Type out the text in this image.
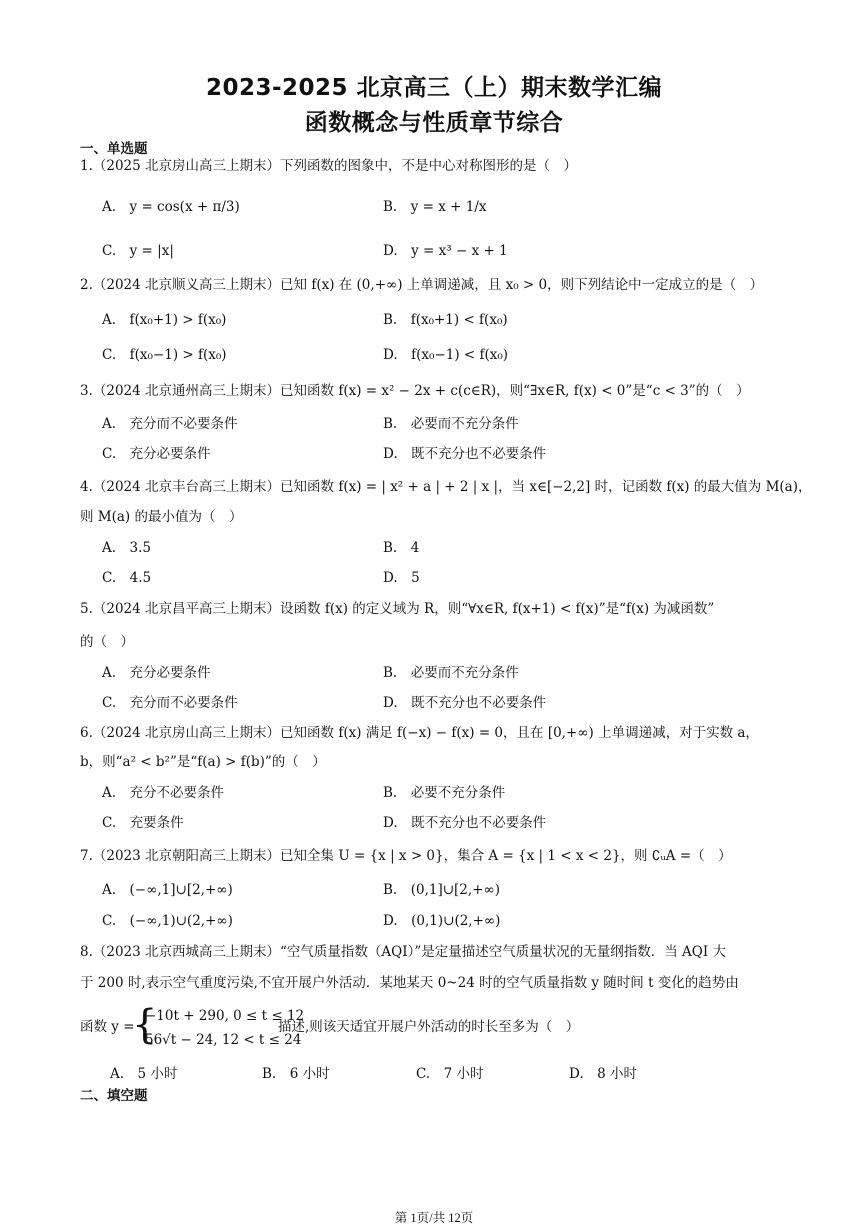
2023-2025 北京高三（上）期末数学汇编
函数概念与性质章节综合
一、单选题
1.（2025 北京房山高三上期末）下列函数的图象中，不是中心对称图形的是（　）
A.　y = cos(x + π/3)	B.　y = x + 1/x
C.　y = |x|	D.　y = x³ − x + 1
2.（2024 北京顺义高三上期末）已知 f(x) 在 (0,+∞) 上单调递减，且 x₀ > 0，则下列结论中一定成立的是（　）
A.　f(x₀+1) > f(x₀)	B.　f(x₀+1) < f(x₀)
C.　f(x₀−1) > f(x₀)	D.　f(x₀−1) < f(x₀)
3.（2024 北京通州高三上期末）已知函数 f(x) = x² − 2x + c(c∈R)，则“∃x∈R, f(x) < 0”是“c < 3”的（　）
A.　充分而不必要条件	B.　必要而不充分条件
C.　充分必要条件	D.　既不充分也不必要条件
4.（2024 北京丰台高三上期末）已知函数 f(x) = | x² + a | + 2 | x |，当 x∈[−2,2] 时，记函数 f(x) 的最大值为 M(a)，
则 M(a) 的最小值为（　）
A.　3.5	B.　4
C.　4.5	D.　5
5.（2024 北京昌平高三上期末）设函数 f(x) 的定义域为 R，则“∀x∈R, f(x+1) < f(x)”是“f(x) 为减函数”
的（　）
A.　充分必要条件	B.　必要而不充分条件
C.　充分而不必要条件	D.　既不充分也不必要条件
6.（2024 北京房山高三上期末）已知函数 f(x) 满足 f(−x) − f(x) = 0，且在 [0,+∞) 上单调递减，对于实数 a，
b，则“a² < b²”是“f(a) > f(b)”的（　）
A.　充分不必要条件	B.　必要不充分条件
C.　充要条件	D.　既不充分也不必要条件
7.（2023 北京朝阳高三上期末）已知全集 U = {x | x > 0}，集合 A = {x | 1 < x < 2}，则 ∁ᵤA =（　）
A.　(−∞,1]∪[2,+∞)	B.　(0,1]∪[2,+∞)
C.　(−∞,1)∪(2,+∞)	D.　(0,1)∪(2,+∞)
8.（2023 北京西城高三上期末）“空气质量指数（AQI）”是定量描述空气质量状况的无量纲指数．当 AQI 大
于 200 时,表示空气重度污染,不宜开展户外活动．某地某天 0~24 时的空气质量指数 y 随时间 t 变化的趋势由
函数 y =
{
−10t + 290, 0 ≤ t ≤ 12
56√t − 24, 12 < t ≤ 24
描述,则该天适宜开展户外活动的时长至多为（　）
A.　5 小时	B.　6 小时	C.　7 小时	D.　8 小时
二、填空题
第 1页/共 12页
